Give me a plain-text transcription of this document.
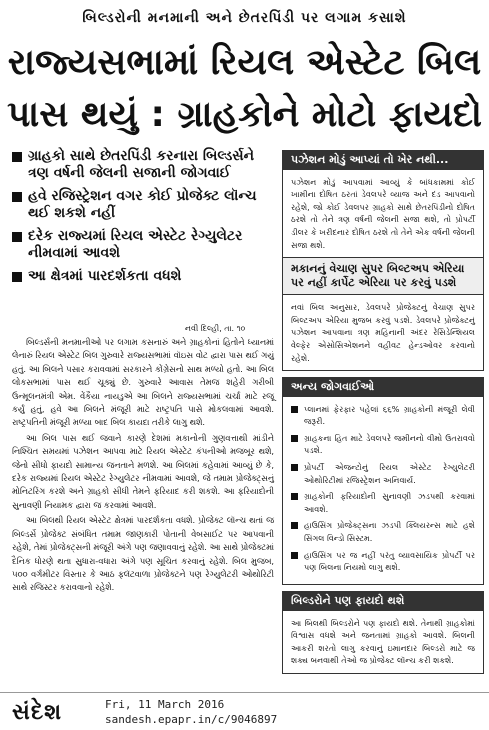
બિલ્ડરોની મનમાની અને છેતરપિંડી પર લગામ કસાશે
રાજ્યસભામાં રિયલ એસ્ટેટ બિલ
પાસ થયું : ગ્રાહકોને મોટો ફાયદો
ગ્રાહકો સાથે છેતરપિંડી કરનારા બિલ્ડર્સને ત્રણ વર્ષની જેલની સજાની જોગવાઈ
હવે રજિસ્ટ્રેશન વગર કોઈ પ્રોજેક્ટ લૉન્ચ થઈ શકશે નહીં
દરેક રાજ્યમાં રિયલ એસ્ટેટ રેગ્યુલેટર નીમવામાં આવશે
આ ક્ષેત્રમાં પારદર્શકતા વધશે
નવી દિલ્હી, તા. ૧૦

બિલ્ડર્સની મનમાનીઓ પર લગામ કસનારું અને ગ્રાહકોનાં હિતોને ધ્યાનમાં લેનારું રિયલ એસ્ટેટ બિલ ગુરુવારે રાજ્યસભામાં વૉઇસ વોટ દ્વારા પાસ થઈ ગયું હતું. આ બિલને પસાર કરાવવામાં સરકારને કોંગ્રેસનો સાથ મળ્યો હતો. આ બિલ લોકસભામાં પાસ થઈ ચૂક્યું છે. ગુરુવારે આવાસ તેમજ શહેરી ગરીબી ઉન્મૂલનમંત્રી એમ. વેંકૈયા નાયડુએ આ બિલને રાજ્યસભામાં ચર્ચા માટે રજૂ કર્યું હતું, હવે આ બિલને મંજૂરી માટે રાષ્ટ્રપતિ પાસે મોકલવામાં આવશે. રાષ્ટ્રપતિની મંજૂરી મળ્યા બાદ બિલ કાયદા તરીકે લાગુ થશે.

આ બિલ પાસ થઈ જવાને કારણે દેશમાં મકાનોની ગુણવત્તાથી માંડીને નિશ્ચિત સમયમાં પઝેશન આપવા માટે રિયલ એસ્ટેટ કંપનીઓ મજબૂર થશે, જેનો સીધો ફાયદો સામાન્ય જનતાને મળશે. આ બિલમાં કહેવામાં આવ્યું છે કે, દરેક રાજ્યમાં રિયલ એસ્ટેટ રેગ્યુલેટર નીમવામાં આવશે, જે તમામ પ્રોજેક્ટ્સનું મોનિટરિંગ કરશે અને ગ્રાહકો સીધી તેમને ફરિયાદ કરી શકશે. આ ફરિયાદોની સુનાવણી નિયામક દ્વારા જ કરવામાં આવશે.

આ બિલથી રિયલ એસ્ટેટ ક્ષેત્રમાં પારદર્શકતા વધશે. પ્રોજેક્ટ લૉન્ચ થતાં જ બિલ્ડર્સે પ્રોજેક્ટ સંબંધિત તમામ જાણકારી પોતાની વેબસાઈટ પર આપવાની રહેશે, તેમાં પ્રોજેક્ટ્સની મંજૂરી અંગે પણ જણાવવાનું રહેશે. આ સાથે પ્રોજેક્ટમાં દૈનિક ધોરણે થતા સુધારા-વધારા અંગે પણ સૂચિત કરવાનું રહેશે. બિલ મુજબ, ૫૦૦ વર્ગમીટર વિસ્તાર કે આઠ ફ્લૅટવાળા પ્રોજેક્ટને પણ રેગ્યુલેટરી ઓથોરિટી સાથે રજિસ્ટર કરાવવાનો રહેશે.

પઝેશન મોડું આપ્યાં તો ખેર નથી...
પઝેશન મોડું આપવામાં આવ્યું કે બાંધકામમાં કોઈ ખામીના દોષિત ઠરતાં ડેવલપરે વ્યાજ અને દંડ આપવાનો રહેશે, જો કોઈ ડેવલપર ગ્રાહકો સાથે છેતરપિંડીનો દોષિત ઠરશે તો તેને ત્રણ વર્ષની જેલની સજા થશે, તો પ્રોપર્ટી ડીલર કે ખરીદનાર દોષિત ઠરશે તો તેને એક વર્ષની જેલની સજા થશે.
મકાનનું વેચાણ સુપર બિલ્ટઅપ એરિયા પર નહીં કાર્પેટ એરિયા પર કરવું પડશે
નવાં બિલ અનુસાર, ડેવલપરે પ્રોજેક્ટનું વેચાણ સુપર બિલ્ટઅપ એરિયા મુજબ કરવું પડશે. ડેવલપરે પ્રોજેક્ટનું પઝેશન આપવાના ત્રણ મહિનાની અંદર રેસિડેન્શિયલ વેલ્ફેર એસોસિએશનને વહીવટ હેન્ડઓવર કરવાનો રહેશે.
અન્ય જોગવાઈઓ
પ્લાનમાં ફેરફાર પહેલાં ૬૬% ગ્રાહકોની મંજૂરી લેવી જરૂરી.
ગ્રાહકના હિત માટે ડેવલપરે જમીનનો વીમો ઉતરાવવો પડશે.
પ્રોપર્ટી એજન્ટોનું રિયલ એસ્ટેટ રેગ્યુલેટરી ઓથોરિટીમાં રજિસ્ટ્રેશન અનિવાર્ય.
ગ્રાહકોની ફરિયાદોની સુનાવણી ઝડપથી કરવામાં આવશે.
હાઉસિંગ પ્રોજેક્ટ્સના ઝડપી ક્લિયરન્સ માટે હશે સિંગલ વિન્ડો સિસ્ટમ.
હાઉસિંગ પર જ નહીં પરંતુ વ્યાવસાયિક પ્રોપર્ટી પર પણ બિલના નિયમો લાગુ થશે.
બિલ્ડરોને પણ ફાયદો થશે
આ બિલથી બિલ્ડરોને પણ ફાયદો થશે. તેનાથી ગ્રાહકોમાં વિશ્વાસ વધશે અને જનતામાં ગ્રાહકો આવશે. બિલની આકરી શરતો લાગુ કરવાનું ઇમાનદાર બિલ્ડરો માટે જ શક્ય બનવાથી તેઓ જ પ્રોજેક્ટ લૉન્ચ કરી શકશે.
સંદેશ	Fri, 11 March 2016
sandesh.epapr.in/c/9046897
